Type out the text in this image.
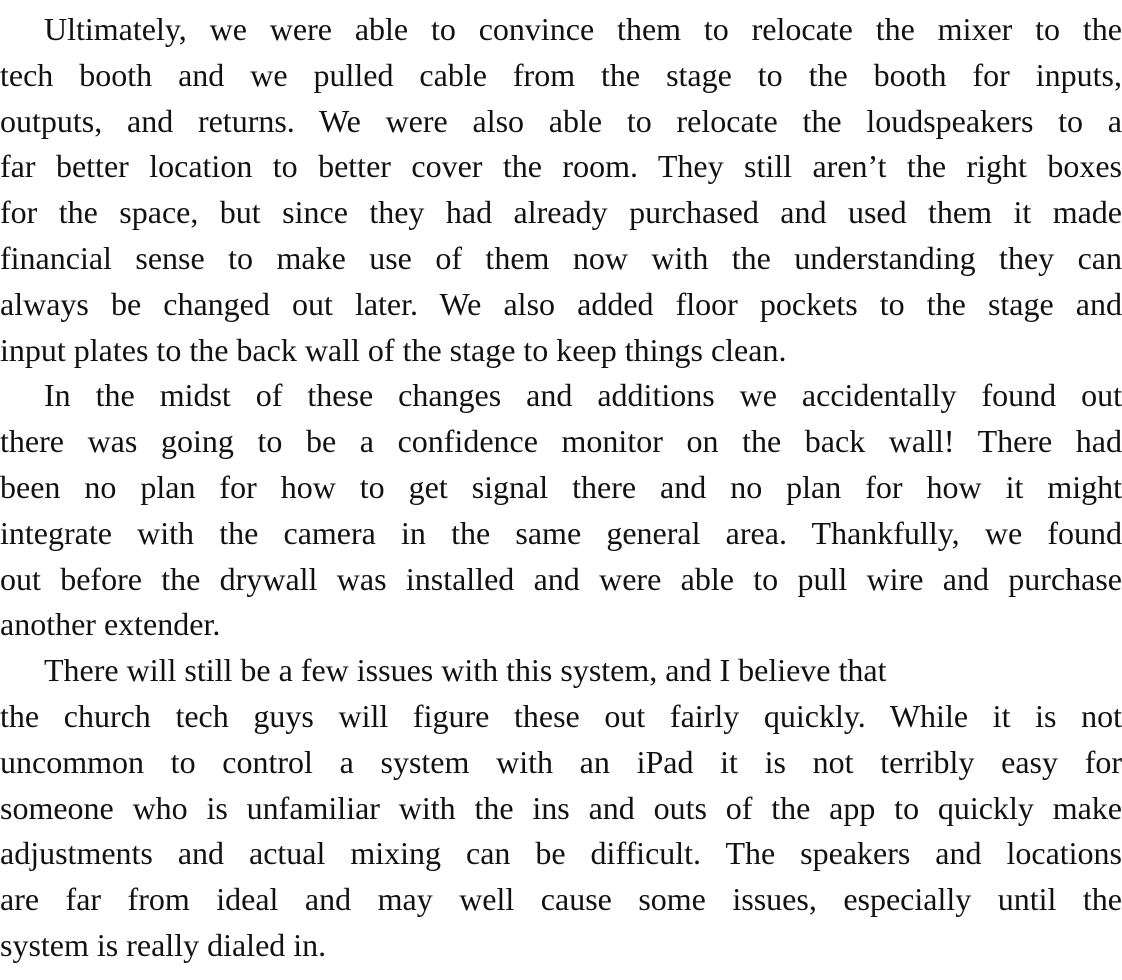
Ultimately, we were able to convince them to relocate the mixer to the
tech booth and we pulled cable from the stage to the booth for inputs,
outputs, and returns. We were also able to relocate the loudspeakers to a
far better location to better cover the room. They still aren’t the right boxes
for the space, but since they had already purchased and used them it made
financial sense to make use of them now with the understanding they can
always be changed out later. We also added floor pockets to the stage and
input plates to the back wall of the stage to keep things clean.
In the midst of these changes and additions we accidentally found out
there was going to be a confidence monitor on the back wall! There had
been no plan for how to get signal there and no plan for how it might
integrate with the camera in the same general area. Thankfully, we found
out before the drywall was installed and were able to pull wire and purchase
another extender.
There will still be a few issues with this system, and I believe that
the church tech guys will figure these out fairly quickly. While it is not
uncommon to control a system with an iPad it is not terribly easy for
someone who is unfamiliar with the ins and outs of the app to quickly make
adjustments and actual mixing can be difficult. The speakers and locations
are far from ideal and may well cause some issues, especially until the
system is really dialed in.
